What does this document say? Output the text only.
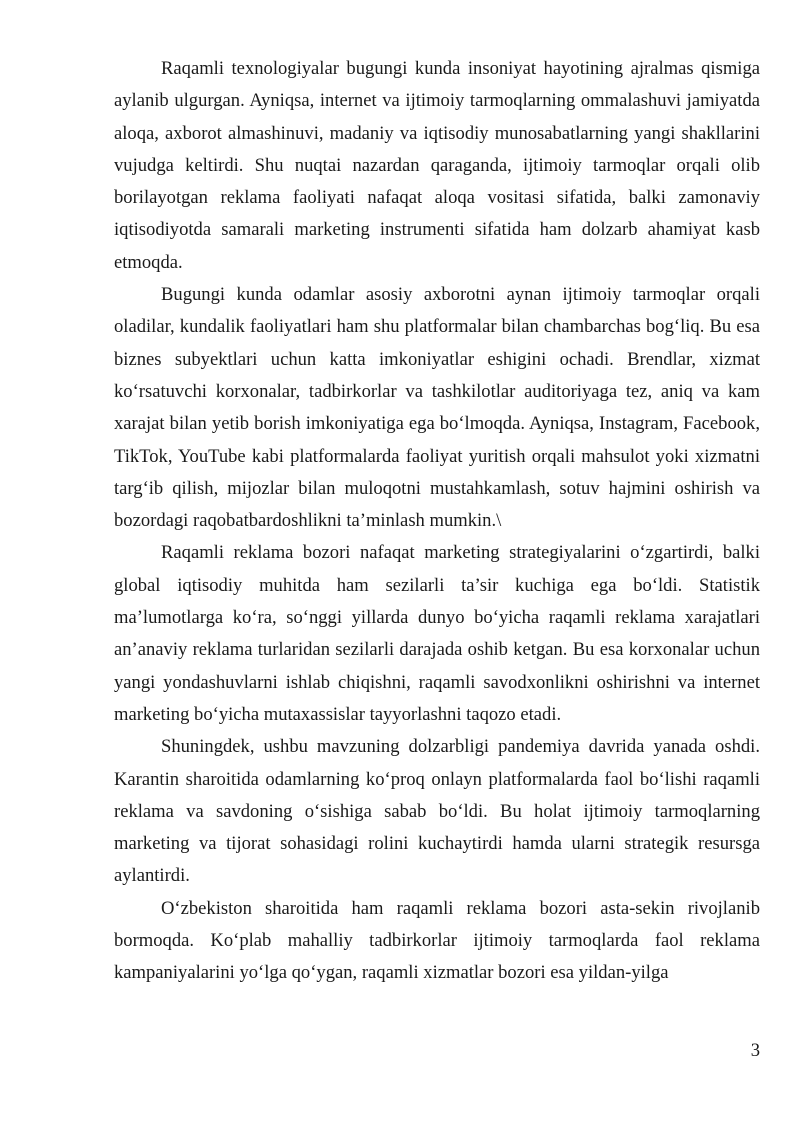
Raqamli texnologiyalar bugungi kunda insoniyat hayotining ajralmas qismiga aylanib ulgurgan. Ayniqsa, internet va ijtimoiy tarmoqlarning ommalashuvi jamiyatda aloqa, axborot almashinuvi, madaniy va iqtisodiy munosabatlarning yangi shakllarini vujudga keltirdi. Shu nuqtai nazardan qaraganda, ijtimoiy tarmoqlar orqali olib borilayotgan reklama faoliyati nafaqat aloqa vositasi sifatida, balki zamonaviy iqtisodiyotda samarali marketing instrumenti sifatida ham dolzarb ahamiyat kasb etmoqda.

Bugungi kunda odamlar asosiy axborotni aynan ijtimoiy tarmoqlar orqali oladilar, kundalik faoliyatlari ham shu platformalar bilan chambarchas bog‘liq. Bu esa biznes subyektlari uchun katta imkoniyatlar eshigini ochadi. Brendlar, xizmat ko‘rsatuvchi korxonalar, tadbirkorlar va tashkilotlar auditoriyaga tez, aniq va kam xarajat bilan yetib borish imkoniyatiga ega bo‘lmoqda. Ayniqsa, Instagram, Facebook, TikTok, YouTube kabi platformalarda faoliyat yuritish orqali mahsulot yoki xizmatni targ‘ib qilish, mijozlar bilan muloqotni mustahkamlash, sotuv hajmini oshirish va bozordagi raqobatbardoshlikni ta’minlash mumkin.\

Raqamli reklama bozori nafaqat marketing strategiyalarini o‘zgartirdi, balki global iqtisodiy muhitda ham sezilarli ta’sir kuchiga ega bo‘ldi. Statistik ma’lumotlarga ko‘ra, so‘nggi yillarda dunyo bo‘yicha raqamli reklama xarajatlari an’anaviy reklama turlaridan sezilarli darajada oshib ketgan. Bu esa korxonalar uchun yangi yondashuvlarni ishlab chiqishni, raqamli savodxonlikni oshirishni va internet marketing bo‘yicha mutaxassislar tayyorlashni taqozo etadi.

Shuningdek, ushbu mavzuning dolzarbligi pandemiya davrida yanada oshdi. Karantin sharoitida odamlarning ko‘proq onlayn platformalarda faol bo‘lishi raqamli reklama va savdoning o‘sishiga sabab bo‘ldi. Bu holat ijtimoiy tarmoqlarning marketing va tijorat sohasidagi rolini kuchaytirdi hamda ularni strategik resursga aylantirdi.

O‘zbekiston sharoitida ham raqamli reklama bozori asta-sekin rivojlanib bormoqda. Ko‘plab mahalliy tadbirkorlar ijtimoiy tarmoqlarda faol reklama kampaniyalarini yo‘lga qo‘ygan, raqamli xizmatlar bozori esa yildan-yilga

3
